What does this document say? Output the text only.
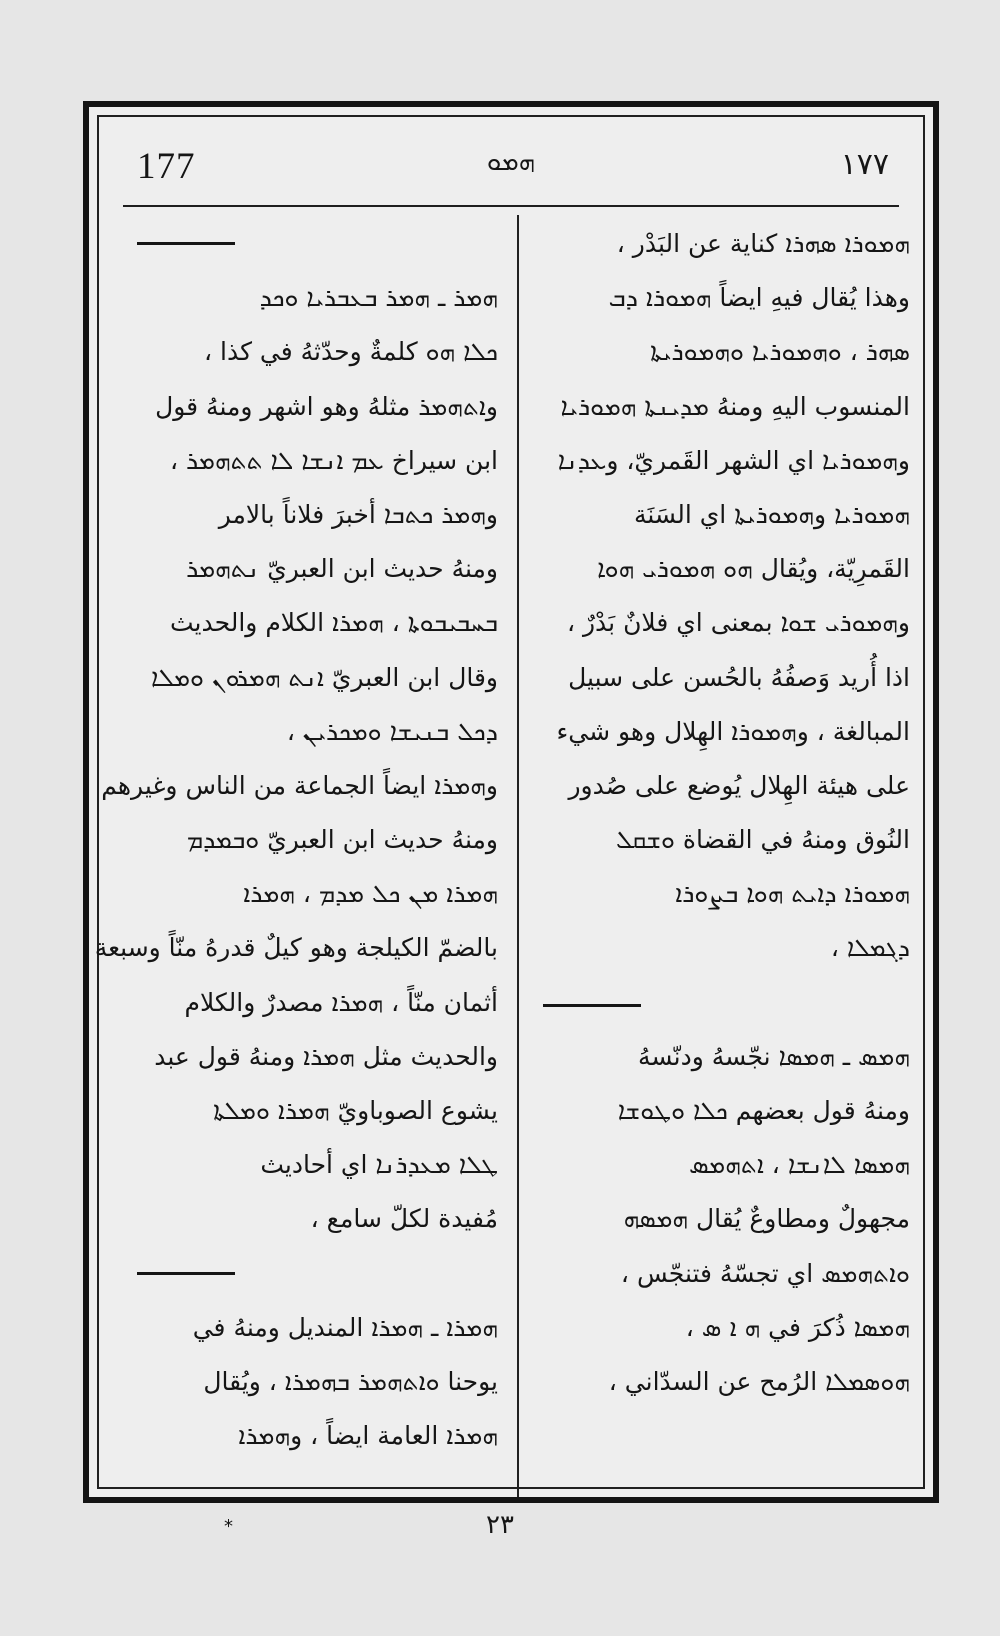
177	ܗܡܘ	١٧٧
ܗܡܘܪܐ ܣܗܪܐ كناية عن البَدْر ،
وهذا يُقال فيهِ ايضاً ܗܡܘܪܐ ܕܒ
ܣܗܪ ، ܘܗܡܘܪܝܐ ܘܗܡܘܪܝܬܐ
المنسوب اليهِ ومنهُ ܡܕܝܢܬܐ ܗܡܘܪܝܐ
وܗܡܘܪܝܐ اي الشهر القَمريّ، وܥܕܢܐ
ܗܡܘܪܝܐ وܗܡܘܪܝܬܐ اي السَنَة
القَمرِيّة، ويُقال ܗܘ ܗܡܘܪܝ ܗܘܐ
وܗܡܘܪܝ ܫܘܐ بمعنى اي فلانٌ بَدْرٌ ،
اذا أُريد وَصفُهُ بالحُسن على سبيل
المبالغة ، وܗܡܘܪܐ الهِلال وهو شيء
على هيئة الهِلال يُوضع على صُدور
النُوق ومنهُ في القضاة ܘܫܩܠ
ܗܡܘܪܐ ܕܐܝܬ ܗܘܐ ܒܨܘܪܐ
ܕܓܡܠܐ ،
ܗܡܣ ـ ܗܡܣܐ نجّسهُ ودنّسهُ
ومنهُ قول بعضهم ܟܠܐ ܘܛܘܫܐ
ܗܡܣܐ ܠܐܢܫܐ ، ܐܬܗܡܣ
مجهولٌ ومطاوعٌ يُقال ܗܡܣܗ
ܘܐܬܗܡܣ اي تجسّهُ فتنجّس ،
ܗܡܣܐ ذُكرَ في ܗ ܐ ܣ ،
ܗܘܣܡܠܐ الرُمح عن السدّاني ،
ܗܡܪ ـ ܗܡܪ ܒܥܒܪܝܐ ܘܟܕ
ܟܠܐ ܗܘ كلمةٌ وحدّثهُ في كذا ،
وܐܬܗܡܪ مثلهُ وهو اشهر ومنهُ قول
ابن سيراخ ܥܡ ܐܢܫܐ ܠܐ ܬܬܗܡܪ ،
وܗܡܪ ܟܬܒܐ أخبرَ فلاناً بالامر
ومنهُ حديث ابن العبريّ ܢܬܗܡܪ
ܒܚܒܝܒܘܬܐ ، ܗܡܪܐ الكلام والحديث
وقال ابن العبريّ ܐܢܬ ܗܡܪܘܢ ܘܡܠܐ
ܕܟܠ ܒܢܝܫܐ ܘܡܟܪܝܢ ،
وܗܡܪܐ ايضاً الجماعة من الناس وغيرهم
ومنهُ حديث ابن العبريّ ܘܒܡܕܡ
ܗܡܪܐ ܡܢ ܟܠ ܡܕܡ ، ܗܡܪܐ
بالضمّ الكيلجة وهو كيلٌ قدرهُ منّاً وسبعة
أثمان منّاً ، ܗܡܪܐ مصدرٌ والكلام
والحديث مثل ܗܡܪܐ ومنهُ قول عبد
يشوع الصوباويّ ܗܡܪܐ ܘܡܠܬܐ
ܛܠܐ ܡܥܕܪܢܐ اي أحاديث
مُفيدة لكلّ سامع ،
ܗܡܪܐ ـ ܗܡܪܐ المنديل ومنهُ في
يوحنا ܘܐܬܗܡܪ ܒܗܡܪܐ ، ويُقال
ܗܡܪܐ العامة ايضاً ، وܗܡܪܐ
*	٢٣
